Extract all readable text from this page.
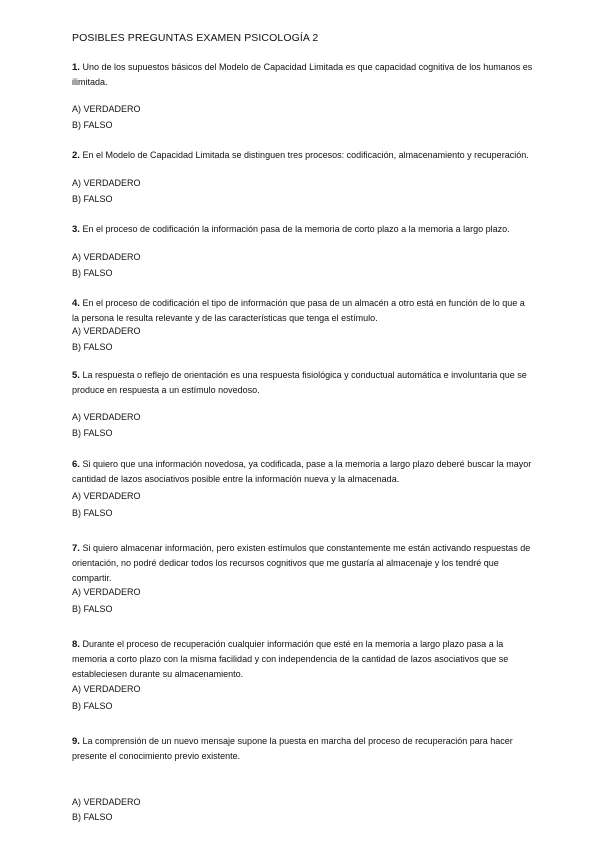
POSIBLES PREGUNTAS EXAMEN PSICOLOGÍA 2
1. Uno de los supuestos básicos del Modelo de Capacidad Limitada es que capacidad cognitiva de los humanos es ilimitada.
A) VERDADERO
B) FALSO
2. En el Modelo de Capacidad Limitada se distinguen tres procesos: codificación, almacenamiento y recuperación.
A) VERDADERO
B) FALSO
3. En el proceso de codificación la información pasa de la memoria de corto plazo a la memoria a largo plazo.
A) VERDADERO
B) FALSO
4. En el proceso de codificación el tipo de información que pasa de un almacén a otro está en función de lo que a la persona le resulta relevante y de las características que tenga el estímulo.
A) VERDADERO
B) FALSO
5. La respuesta o reflejo de orientación es una respuesta fisiológica y conductual automática e involuntaria que se produce en respuesta a un estímulo novedoso.
A) VERDADERO
B) FALSO
6. Si quiero que una información novedosa, ya codificada, pase a la memoria a largo plazo deberé buscar la mayor cantidad de lazos asociativos posible entre la información nueva y la almacenada.
A) VERDADERO
B) FALSO
7. Si quiero almacenar información, pero existen estímulos que constantemente me están activando respuestas de orientación, no podré dedicar todos los recursos cognitivos que me gustaría al almacenaje y los tendré que compartir.
A) VERDADERO
B) FALSO
8. Durante el proceso de recuperación cualquier información que esté en la memoria a largo plazo pasa a la memoria a corto plazo con la misma facilidad y con independencia de la cantidad de lazos asociativos que se estableciesen durante su almacenamiento.
A) VERDADERO
B) FALSO
9. La comprensión de un nuevo mensaje supone la puesta en marcha del proceso de recuperación para hacer presente el conocimiento previo existente.
A) VERDADERO
B) FALSO
